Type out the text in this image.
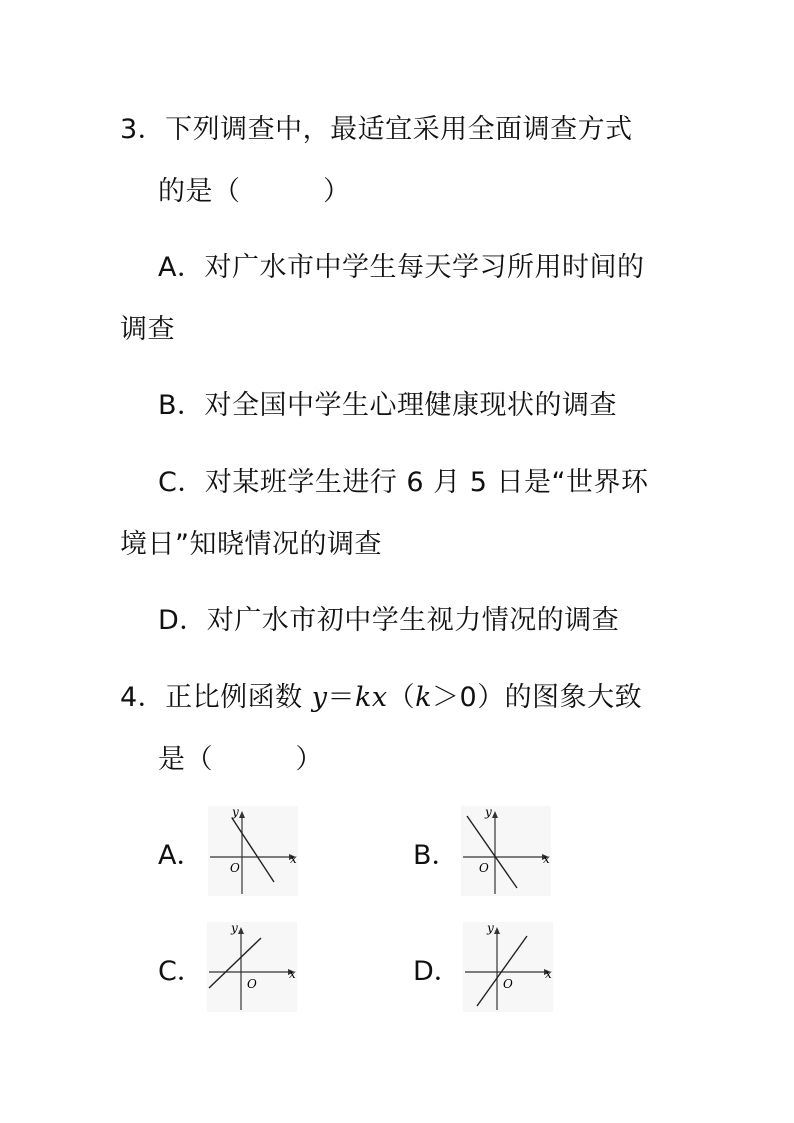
3．下列调查中，最适宜采用全面调查方式
的是（　　　）
A．对广水市中学生每天学习所用时间的
调查
B．对全国中学生心理健康现状的调查
C．对某班学生进行 6 月 5 日是“世界环
境日”知晓情况的调查
D．对广水市初中学生视力情况的调查
4．正比例函数 y＝kx（k＞0）的图象大致
是（　　　）
A．	x
y
O	B．	x
y
O
C．	x
y
O	D．	x
y
O
